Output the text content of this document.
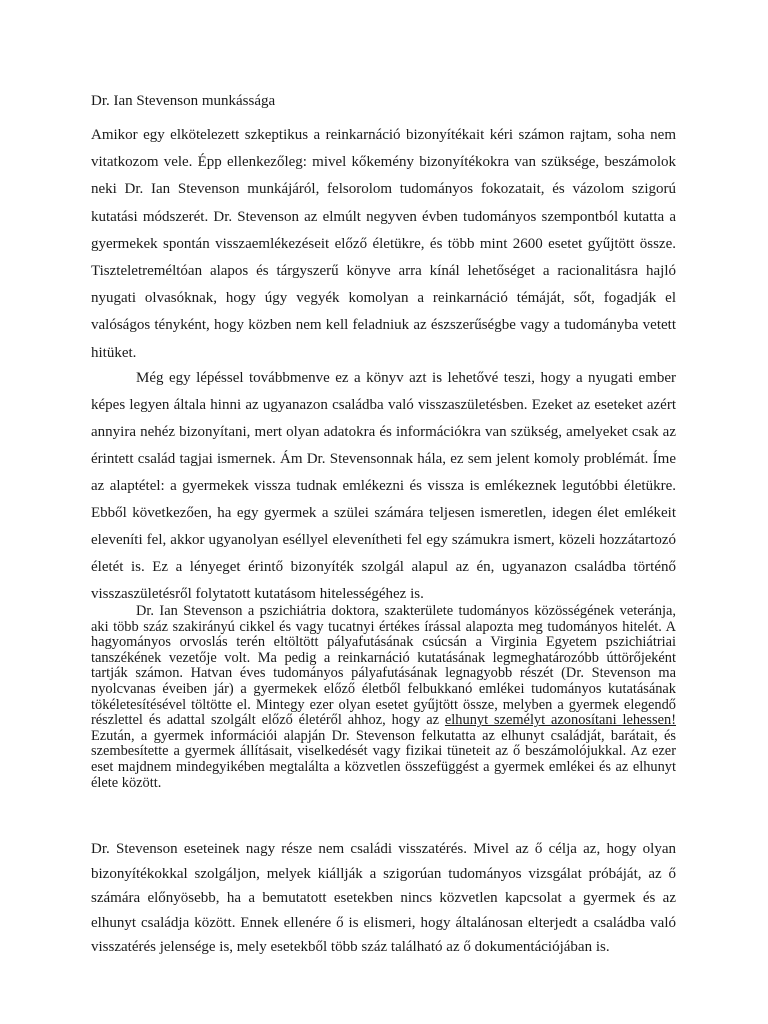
Dr. Ian Stevenson munkássága

Amikor egy elkötelezett szkeptikus a reinkarnáció bizonyítékait kéri számon rajtam, soha nem vitatkozom vele. Épp ellenkezőleg: mivel kőkemény bizonyítékokra van szüksége, beszámolok neki Dr. Ian Stevenson munkájáról, felsorolom tudományos fokozatait, és vázolom szigorú kutatási módszerét. Dr. Stevenson az elmúlt negyven évben tudományos szempontból kutatta a gyermekek spontán visszaemlékezéseit előző életükre, és több mint 2600 esetet gyűjtött össze. Tiszteletreméltóan alapos és tárgyszerű könyve arra kínál lehetőséget a racionalitásra hajló nyugati olvasóknak, hogy úgy vegyék komolyan a reinkarnáció témáját, sőt, fogadják el valóságos tényként, hogy közben nem kell feladniuk az észszerűségbe vagy a tudományba vetett hitüket.

Még egy lépéssel továbbmenve ez a könyv azt is lehetővé teszi, hogy a nyugati ember képes legyen általa hinni az ugyanazon családba való visszaszületésben. Ezeket az eseteket azért annyira nehéz bizonyítani, mert olyan adatokra és információkra van szükség, amelyeket csak az érintett család tagjai ismernek. Ám Dr. Stevensonnak hála, ez sem jelent komoly problémát. Íme az alaptétel: a gyermekek vissza tudnak emlékezni és vissza is emlékeznek legutóbbi életükre. Ebből következően, ha egy gyermek a szülei számára teljesen ismeretlen, idegen élet emlékeit eleveníti fel, akkor ugyanolyan eséllyel elevenítheti fel egy számukra ismert, közeli hozzátartozó életét is. Ez a lényeget érintő bizonyíték szolgál alapul az én, ugyanazon családba történő visszaszületésről folytatott kutatásom hitelességéhez is.

Dr. Ian Stevenson a pszichiátria doktora, szakterülete tudományos közösségének veteránja, aki több száz szakirányú cikkel és vagy tucatnyi értékes írással alapozta meg tudományos hitelét. A hagyományos orvoslás terén eltöltött pályafutásának csúcsán a Virginia Egyetem pszichiátriai tanszékének vezetője volt. Ma pedig a reinkarnáció kutatásának legmeghatározóbb úttörőjeként tartják számon. Hatvan éves tudományos pályafutásának legnagyobb részét (Dr. Stevenson ma nyolcvanas éveiben jár) a gyermekek előző életből felbukkanó emlékei tudományos kutatásának tökéletesítésével töltötte el. Mintegy ezer olyan esetet gyűjtött össze, melyben a gyermek elegendő részlettel és adattal szolgált előző életéről ahhoz, hogy az elhunyt személyt azonosítani lehessen! Ezután, a gyermek információi alapján Dr. Stevenson felkutatta az elhunyt családját, barátait, és szembesítette a gyermek állításait, viselkedését vagy fizikai tüneteit az ő beszámolójukkal. Az ezer eset majdnem mindegyikében megtalálta a közvetlen összefüggést a gyermek emlékei és az elhunyt élete között.

Dr. Stevenson eseteinek nagy része nem családi visszatérés. Mivel az ő célja az, hogy olyan bizonyítékokkal szolgáljon, melyek kiállják a szigorúan tudományos vizsgálat próbáját, az ő számára előnyösebb, ha a bemutatott esetekben nincs közvetlen kapcsolat a gyermek és az elhunyt családja között. Ennek ellenére ő is elismeri, hogy általánosan elterjedt a családba való visszatérés jelensége is, mely esetekből több száz található az ő dokumentációjában is.
